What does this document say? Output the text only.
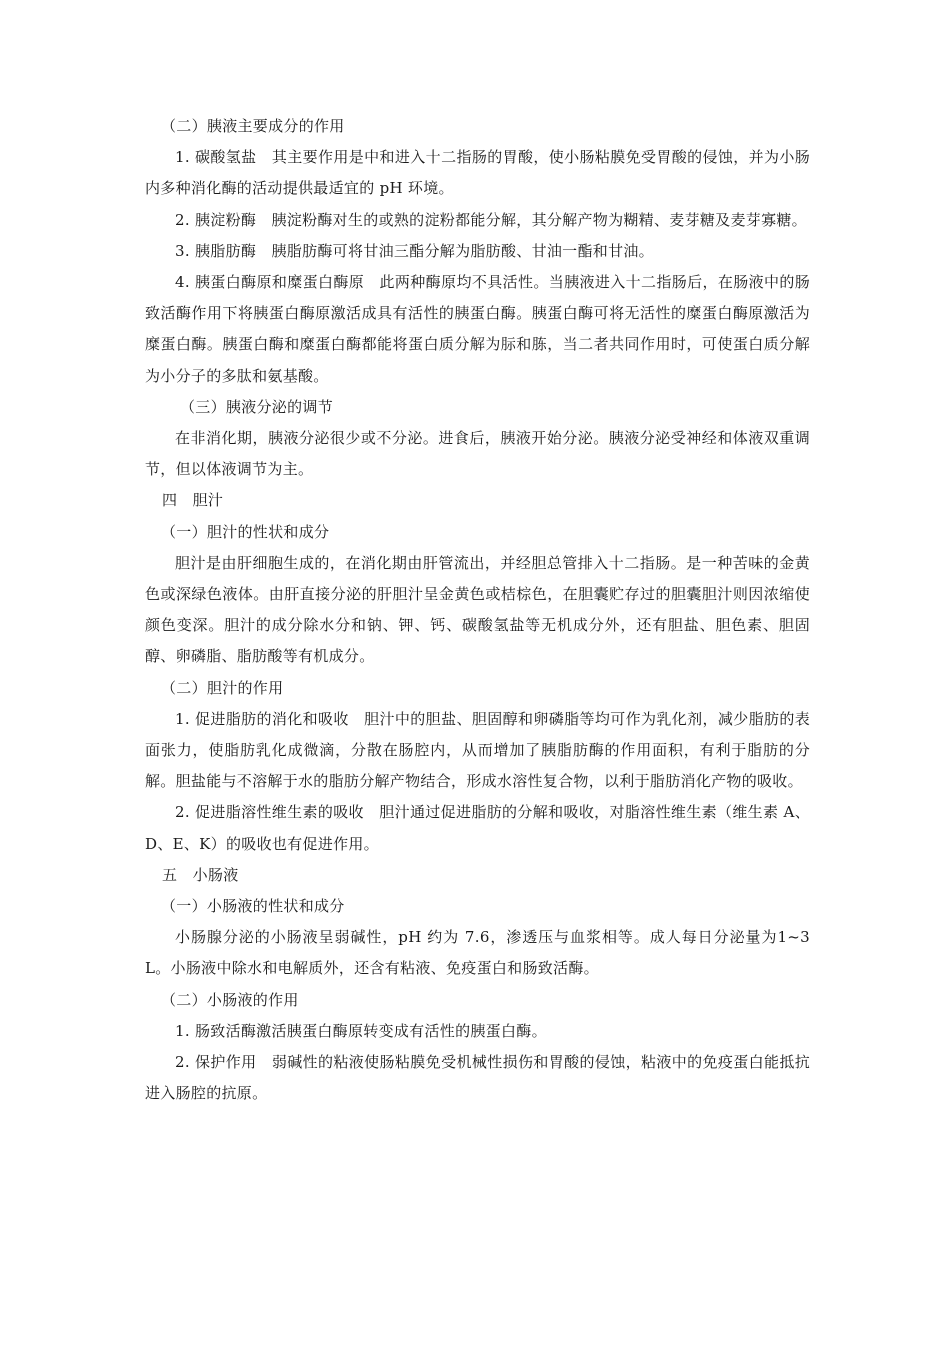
（二）胰液主要成分的作用

1. 碳酸氢盐　其主要作用是中和进入十二指肠的胃酸，使小肠粘膜免受胃酸的侵蚀，并为小肠内多种消化酶的活动提供最适宜的 pH 环境。

2. 胰淀粉酶　胰淀粉酶对生的或熟的淀粉都能分解，其分解产物为糊精、麦芽糖及麦芽寡糖。

3. 胰脂肪酶　胰脂肪酶可将甘油三酯分解为脂肪酸、甘油一酯和甘油。

4. 胰蛋白酶原和糜蛋白酶原　此两种酶原均不具活性。当胰液进入十二指肠后，在肠液中的肠致活酶作用下将胰蛋白酶原激活成具有活性的胰蛋白酶。胰蛋白酶可将无活性的糜蛋白酶原激活为糜蛋白酶。胰蛋白酶和糜蛋白酶都能将蛋白质分解为䏡和胨，当二者共同作用时，可使蛋白质分解为小分子的多肽和氨基酸。

（三）胰液分泌的调节

在非消化期，胰液分泌很少或不分泌。进食后，胰液开始分泌。胰液分泌受神经和体液双重调节，但以体液调节为主。

四　胆汁

（一）胆汁的性状和成分

胆汁是由肝细胞生成的，在消化期由肝管流出，并经胆总管排入十二指肠。是一种苦味的金黄色或深绿色液体。由肝直接分泌的肝胆汁呈金黄色或桔棕色，在胆囊贮存过的胆囊胆汁则因浓缩使颜色变深。胆汁的成分除水分和钠、钾、钙、碳酸氢盐等无机成分外，还有胆盐、胆色素、胆固醇、卵磷脂、脂肪酸等有机成分。

（二）胆汁的作用

1. 促进脂肪的消化和吸收　胆汁中的胆盐、胆固醇和卵磷脂等均可作为乳化剂，减少脂肪的表面张力，使脂肪乳化成微滴，分散在肠腔内，从而增加了胰脂肪酶的作用面积，有利于脂肪的分解。胆盐能与不溶解于水的脂肪分解产物结合，形成水溶性复合物，以利于脂肪消化产物的吸收。

2. 促进脂溶性维生素的吸收　胆汁通过促进脂肪的分解和吸收，对脂溶性维生素（维生素 A、D、E、K）的吸收也有促进作用。

五　小肠液

（一）小肠液的性状和成分

小肠腺分泌的小肠液呈弱碱性，pH 约为 7.6，渗透压与血浆相等。成人每日分泌量为1~3L。小肠液中除水和电解质外，还含有粘液、免疫蛋白和肠致活酶。

（二）小肠液的作用

1. 肠致活酶激活胰蛋白酶原转变成有活性的胰蛋白酶。

2. 保护作用　弱碱性的粘液使肠粘膜免受机械性损伤和胃酸的侵蚀，粘液中的免疫蛋白能抵抗进入肠腔的抗原。
